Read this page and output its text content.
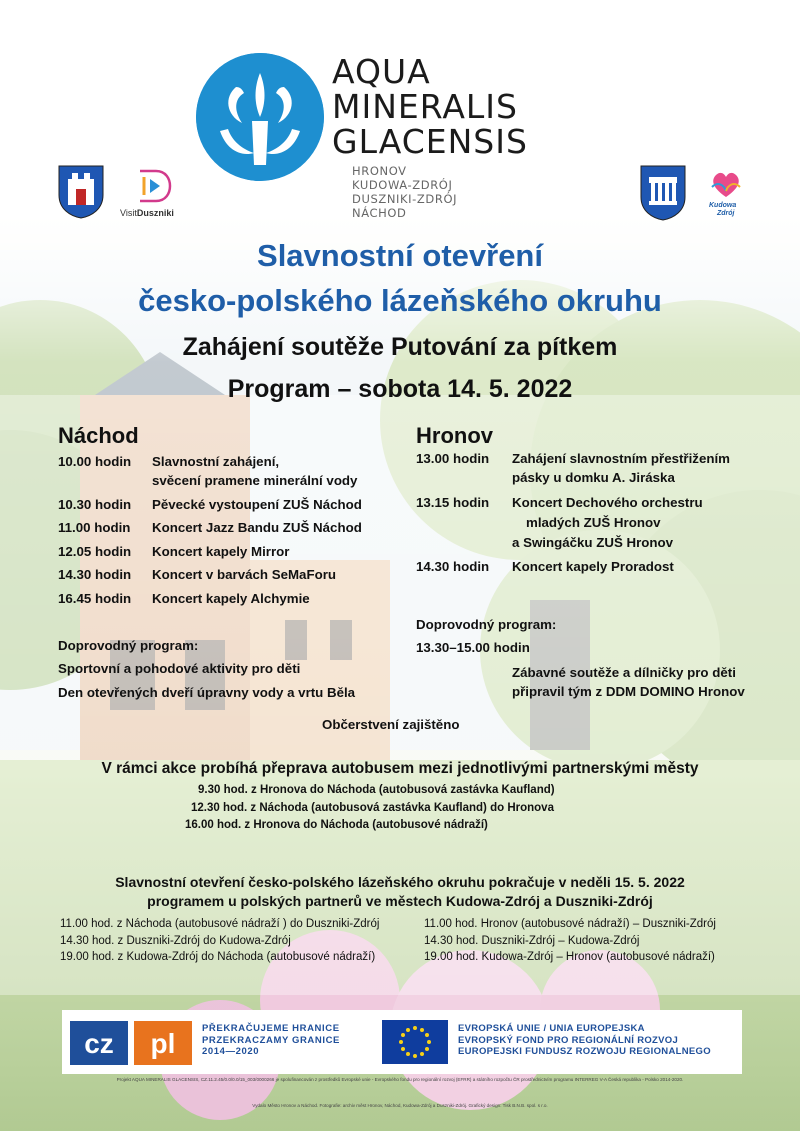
AQUA
MINERALIS
GLACENSIS
HRONOV
KUDOWA-ZDRÓJ
DUSZNIKI-ZDRÓJ
NÁCHOD
VisitDuszniki
Kudowa
Zdrój
Slavnostní otevření
česko-polského lázeňského okruhu
Zahájení soutěže Putování za pítkem
Program – sobota 14. 5. 2022
Náchod
10.00 hodin Slavnostní zahájení,
svěcení pramene minerální vody
10.30 hodin Pěvecké vystoupení ZUŠ Náchod
11.00 hodin Koncert Jazz Bandu ZUŠ Náchod
12.05 hodin Koncert kapely Mirror
14.30 hodin Koncert v barvách SeMaForu
16.45 hodin Koncert kapely Alchymie
Doprovodný program:
Sportovní a pohodové aktivity pro děti
Den otevřených dveří úpravny vody a vrtu Běla
Hronov
13.00 hodin Zahájení slavnostním přestřižením
pásky u domku A. Jiráska
13.15 hodin Koncert Dechového orchestru
mladých ZUŠ Hronov
a Swingáčku ZUŠ Hronov
14.30 hodin Koncert kapely Proradost
Doprovodný program:
13.30–15.00 hodin
Zábavné soutěže a dílničky pro děti
připravil tým z DDM DOMINO Hronov
Občerstvení zajištěno
V rámci akce probíhá přeprava autobusem mezi jednotlivými partnerskými městy
9.30 hod. z Hronova do Náchoda (autobusová zastávka Kaufland)
12.30 hod. z Náchoda (autobusová zastávka Kaufland) do Hronova
16.00 hod. z Hronova do Náchoda (autobusové nádraží)
Slavnostní otevření česko-polského lázeňského okruhu pokračuje v neděli 15. 5. 2022
programem u polských partnerů ve městech Kudowa-Zdrój a Duszniki-Zdrój
11.00 hod. z Náchoda (autobusové nádraží ) do Duszniki-Zdrój
14.30 hod. z Duszniki-Zdrój do Kudowa-Zdrój
19.00 hod. z Kudowa-Zdrój do Náchoda (autobusové nádraží)
11.00 hod. Hronov (autobusové nádraží) – Duszniki-Zdrój
14.30 hod. Duszniki-Zdrój – Kudowa-Zdrój
19.00 hod. Kudowa-Zdrój – Hronov (autobusové nádraží)
cz pl	PŘEKRAČUJEME HRANICE
PRZEKRACZAMY GRANICE
2014—2020
EVROPSKÁ UNIE / UNIA EUROPEJSKA
EVROPSKÝ FOND PRO REGIONÁLNÍ ROZVOJ
EUROPEJSKI FUNDUSZ ROZWOJU REGIONALNEGO
Projekt AQUA MINERALIS GLACENSIS, CZ.11.2.45/0.0/0.0/15_003/0000266 je spolufinancován z prostředků Evropské unie - Evropského fondu pro regionální rozvoj (EFRR) a státního rozpočtu ČR prostřednictvím programu INTERREG V-A Česká republika - Polsko 2014-2020.
Vydalo Město Hronov a Náchod. Fotografie: archiv měst Hronov, Náchod, Kudowa-Zdrój a Duszniki-Zdrój. Grafický design: Tisk B.N.B. spol. s r.o.
